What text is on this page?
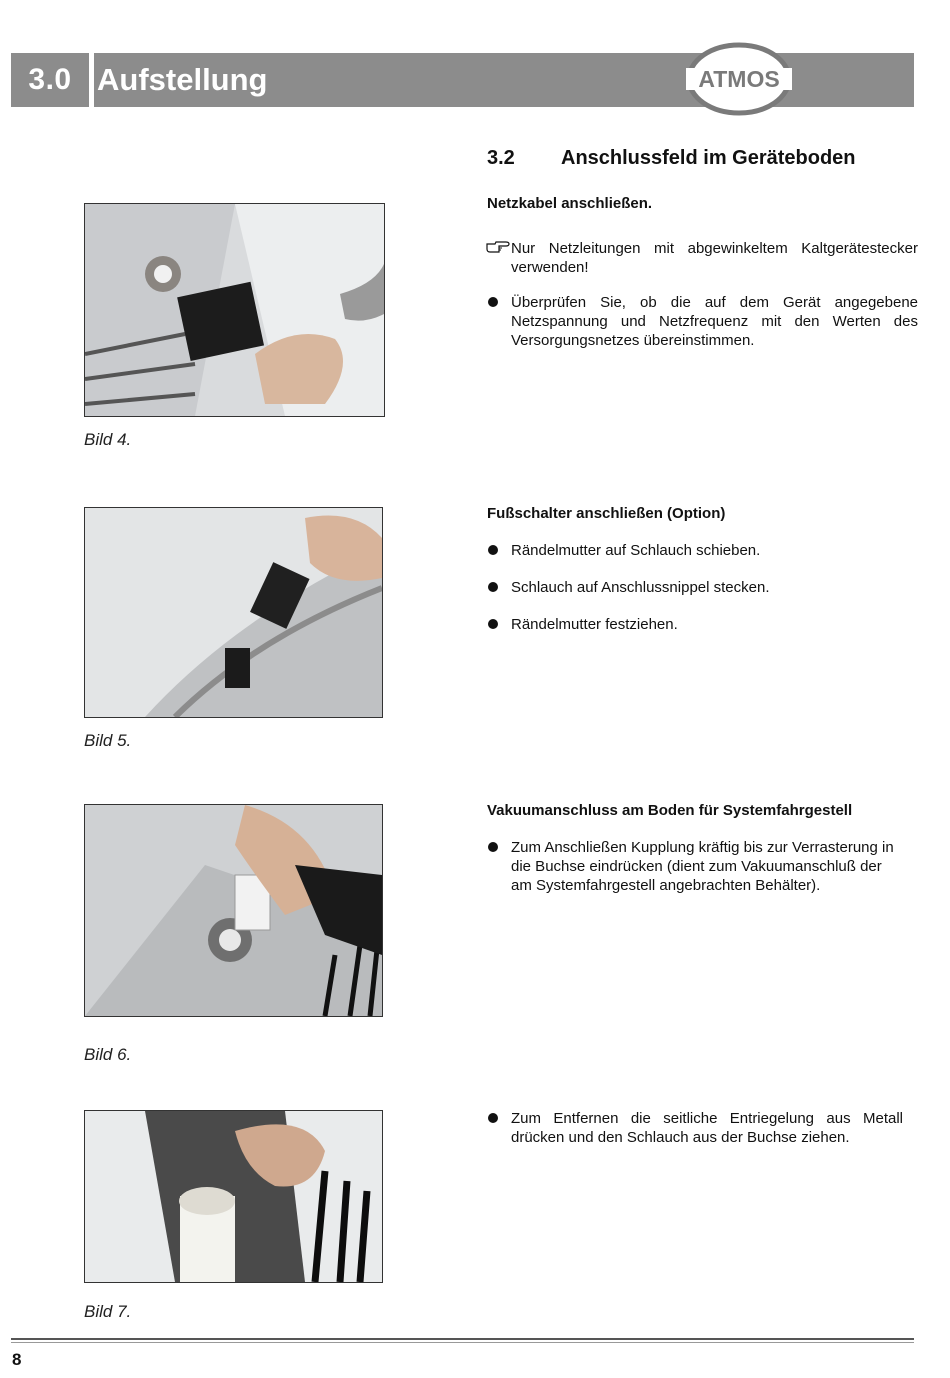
3.0 Aufstellung	ATMOS
3.2 Anschlussfeld im Geräteboden
Netzkabel anschließen.
Nur Netzleitungen mit abgewinkeltem Kaltgerätestecker verwenden!
Überprüfen Sie, ob die auf dem Gerät angegebene Netzspannung und Netzfrequenz mit den Werten des Versorgungsnetzes übereinstimmen.
Bild 4.
Fußschalter anschließen (Option)
Rändelmutter auf Schlauch schieben.
Schlauch auf Anschlussnippel stecken.
Rändelmutter festziehen.
Bild 5.
Vakuumanschluss am Boden für Systemfahrgestell
Zum Anschließen Kupplung kräftig bis zur Verrasterung in die Buchse eindrücken (dient zum Vakuumanschluß der am Systemfahrgestell angebrachten Behälter).
Bild 6.
Zum Entfernen die seitliche Entriegelung aus Metall drücken und den Schlauch aus der Buchse ziehen.
Bild 7.
8
